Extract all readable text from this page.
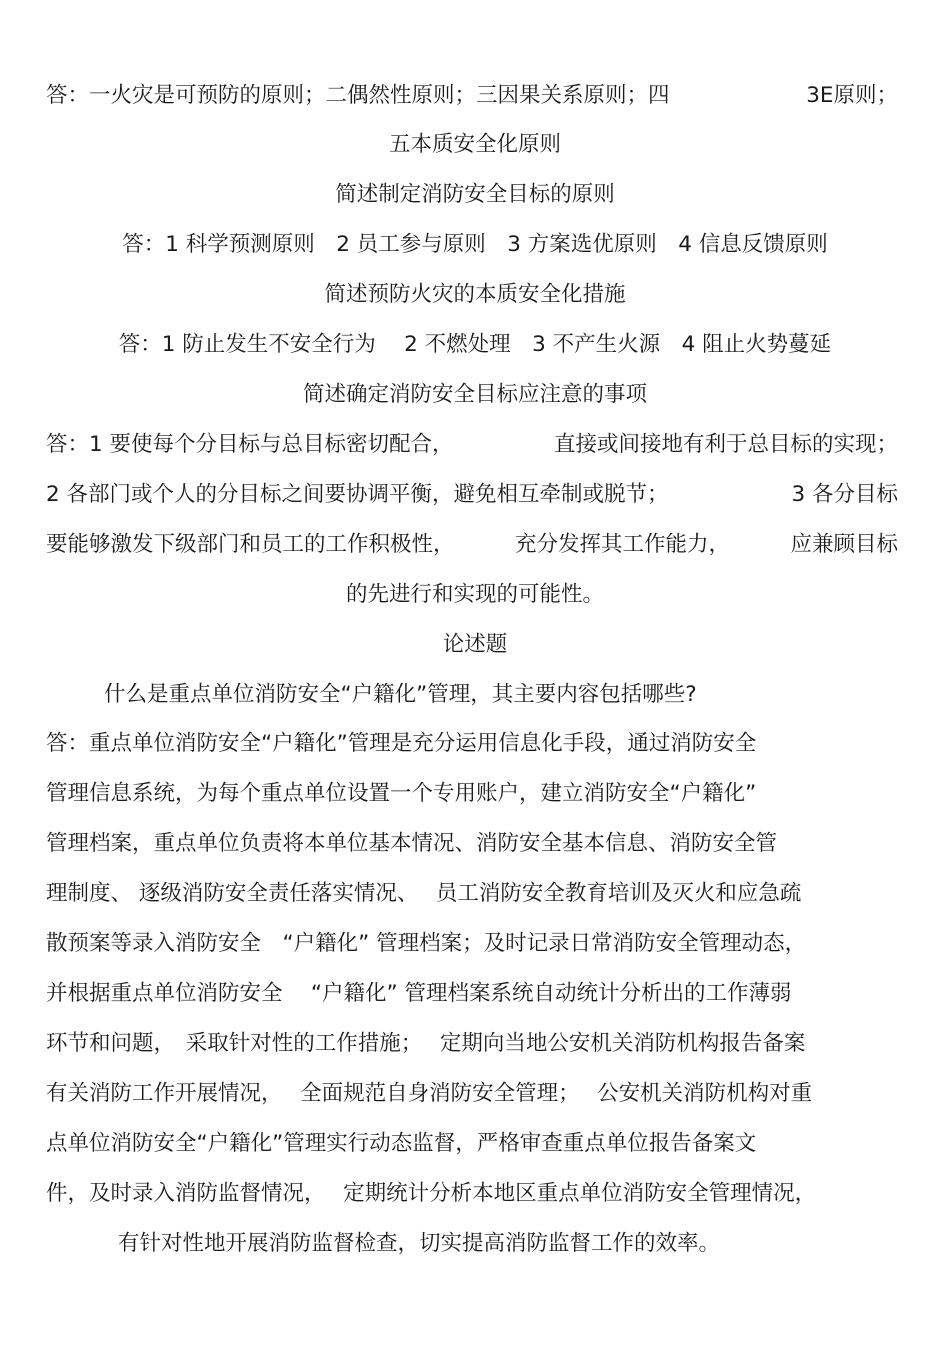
答：一火灾是可预防的原则；二偶然性原则；三因果关系原则；四	3E原则；
五本质安全化原则
简述制定消防安全目标的原则
答：1 科学预测原则　2 员工参与原则　3 方案选优原则　4 信息反馈原则
简述预防火灾的本质安全化措施
答：1 防止发生不安全行为　 2 不燃处理　3 不产生火源　4 阻止火势蔓延
简述确定消防安全目标应注意的事项
答：1 要使每个分目标与总目标密切配合，	直接或间接地有利于总目标的实现；
2 各部门或个人的分目标之间要协调平衡，避免相互牵制或脱节；	3 各分目标
要能够激发下级部门和员工的工作积极性，	充分发挥其工作能力，	应兼顾目标
的先进行和实现的可能性。
论述题
什么是重点单位消防安全“户籍化”管理，其主要内容包括哪些?
答：重点单位消防安全“户籍化”管理是充分运用信息化手段，通过消防安全
管理信息系统，为每个重点单位设置一个专用账户，建立消防安全“户籍化”
管理档案，重点单位负责将本单位基本情况、消防安全基本信息、消防安全管
理制度、 逐级消防安全责任落实情况、　 员工消防安全教育培训及灭火和应急疏
散预案等录入消防安全　“户籍化” 管理档案；及时记录日常消防安全管理动态，
并根据重点单位消防安全　 “户籍化” 管理档案系统自动统计分析出的工作薄弱
环节和问题，　采取针对性的工作措施；　 定期向当地公安机关消防机构报告备案
有关消防工作开展情况，　 全面规范自身消防安全管理；　 公安机关消防机构对重
点单位消防安全“户籍化”管理实行动态监督，严格审查重点单位报告备案文
件，及时录入消防监督情况，　 定期统计分析本地区重点单位消防安全管理情况，
有针对性地开展消防监督检查，切实提高消防监督工作的效率。
